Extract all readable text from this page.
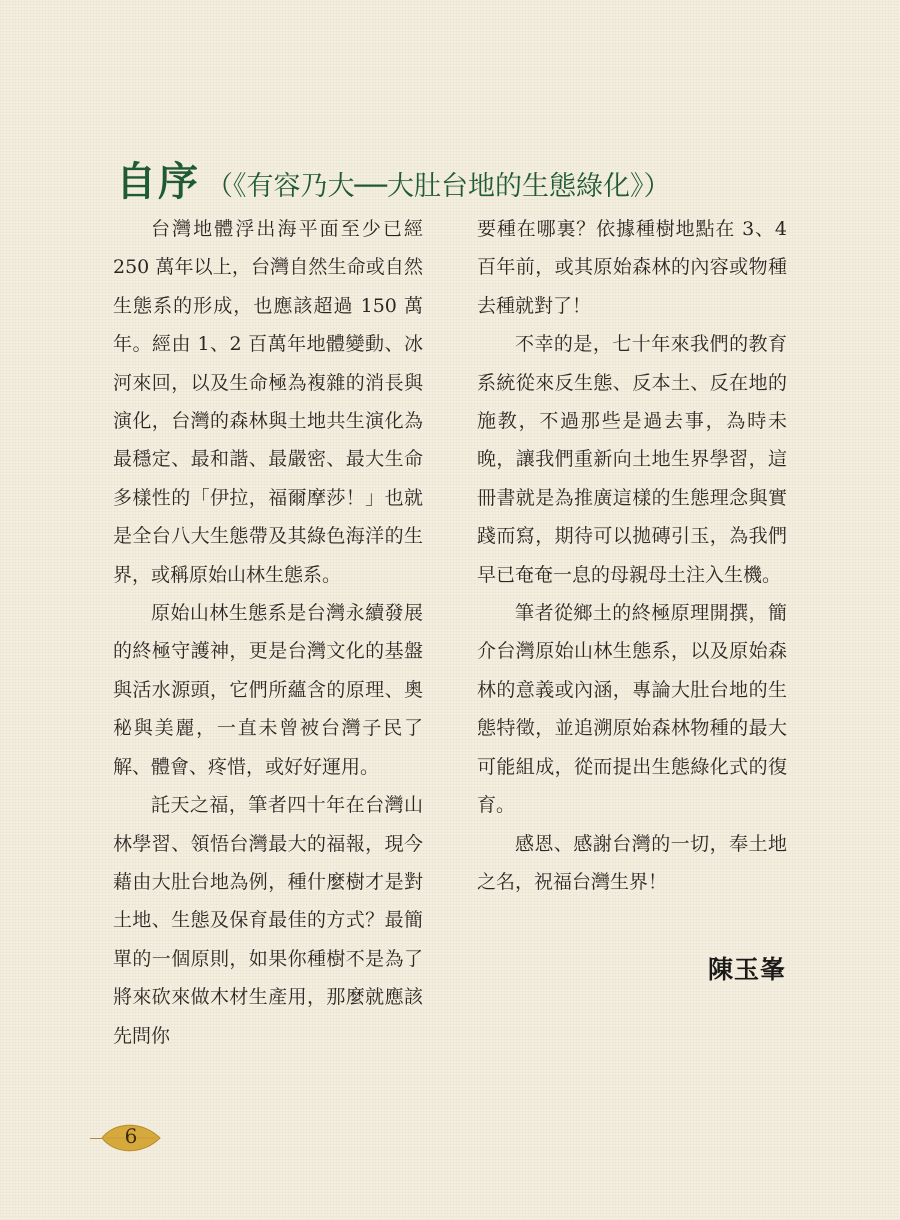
自序 （《有容乃大──大肚台地的生態綠化》）

台灣地體浮出海平面至少已經 250 萬年以上，台灣自然生命或自然生態系的形成，也應該超過 150 萬年。經由 1、2 百萬年地體變動、冰河來回，以及生命極為複雜的消長與演化，台灣的森林與土地共生演化為最穩定、最和諧、最嚴密、最大生命多樣性的「伊拉，福爾摩莎！」也就是全台八大生態帶及其綠色海洋的生界，或稱原始山林生態系。

原始山林生態系是台灣永續發展的終極守護神，更是台灣文化的基盤與活水源頭，它們所蘊含的原理、奧秘與美麗，一直未曾被台灣子民了解、體會、疼惜，或好好運用。

託天之福，筆者四十年在台灣山林學習、領悟台灣最大的福報，現今藉由大肚台地為例，種什麼樹才是對土地、生態及保育最佳的方式？最簡單的一個原則，如果你種樹不是為了將來砍來做木材生產用，那麼就應該先問你

要種在哪裏？依據種樹地點在 3、4 百年前，或其原始森林的內容或物種去種就對了！

不幸的是，七十年來我們的教育系統從來反生態、反本土、反在地的施教，不過那些是過去事，為時未晚，讓我們重新向土地生界學習，這冊書就是為推廣這樣的生態理念與實踐而寫，期待可以拋磚引玉，為我們早已奄奄一息的母親母土注入生機。

筆者從鄉土的終極原理開撰，簡介台灣原始山林生態系，以及原始森林的意義或內涵，專論大肚台地的生態特徵，並追溯原始森林物種的最大可能組成，從而提出生態綠化式的復育。

感恩、感謝台灣的一切，奉土地之名，祝福台灣生界！

陳玉峯
6
